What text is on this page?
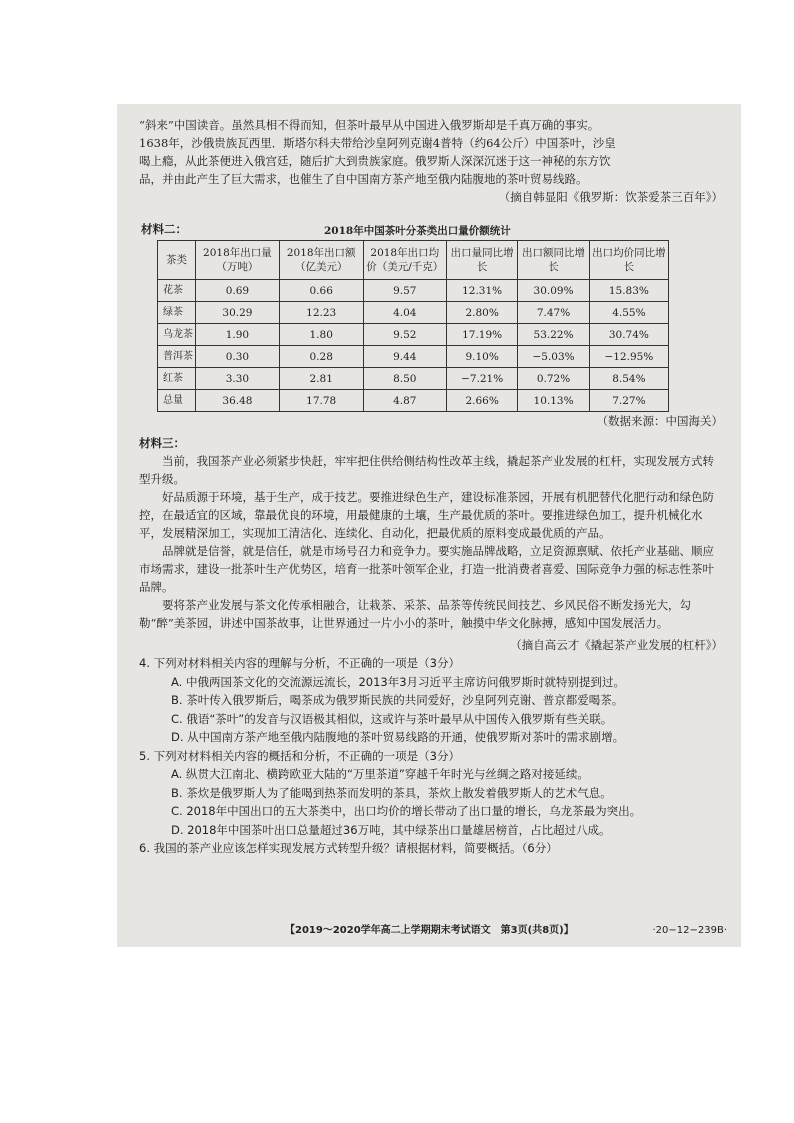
“斜来”中国读音。虽然具相不得而知，但茶叶最早从中国进入俄罗斯却是千真万确的事实。

1638年，沙俄贵族瓦西里．斯塔尔科夫带给沙皇阿列克谢4普特（约64公斤）中国茶叶，沙皇

喝上瘾，从此茶便进入俄宫廷，随后扩大到贵族家庭。俄罗斯人深深沉迷于这一神秘的东方饮

品，并由此产生了巨大需求，也催生了自中国南方茶产地至俄内陆腹地的茶叶贸易线路。

（摘自韩显阳《俄罗斯：饮茶爱茶三百年》）

材料二：	2018年中国茶叶分茶类出口量价额统计
茶类	2018年出口量（万吨）	2018年出口额（亿美元）	2018年出口均价（美元/千克）	出口量同比增长	出口额同比增长	出口均价同比增长
花茶	0.69	0.66	9.57	12.31%	30.09%	15.83%
绿茶	30.29	12.23	4.04	2.80%	7.47%	4.55%
乌龙茶	1.90	1.80	9.52	17.19%	53.22%	30.74%
普洱茶	0.30	0.28	9.44	9.10%	−5.03%	−12.95%
红茶	3.30	2.81	8.50	−7.21%	0.72%	8.54%
总量	36.48	17.78	4.87	2.66%	10.13%	7.27%

（数据来源：中国海关）

材料三：

当前，我国茶产业必须紧步快赶，牢牢把住供给侧结构性改革主线，撬起茶产业发展的杠杆，实现发展方式转型升级。

好品质源于环境，基于生产，成于技艺。要推进绿色生产，建设标准茶园，开展有机肥替代化肥行动和绿色防控，在最适宜的区域，靠最优良的环境，用最健康的土壤，生产最优质的茶叶。要推进绿色加工，提升机械化水平，发展精深加工，实现加工清洁化、连续化、自动化，把最优质的原料变成最优质的产品。

品牌就是信誉，就是信任，就是市场号召力和竞争力。要实施品牌战略，立足资源禀赋、依托产业基础、顺应市场需求，建设一批茶叶生产优势区，培育一批茶叶领军企业，打造一批消费者喜爱、国际竞争力强的标志性茶叶品牌。

要将茶产业发展与茶文化传承相融合，让栽茶、采茶、品茶等传统民间技艺、乡风民俗不断发扬光大，勾勒“醉”美茶园，讲述中国茶故事，让世界通过一片小小的茶叶，触摸中华文化脉搏，感知中国发展活力。

（摘自高云才《撬起茶产业发展的杠杆》）

4. 下列对材料相关内容的理解与分析，不正确的一项是（3分）

A. 中俄两国茶文化的交流源远流长，2013年3月习近平主席访问俄罗斯时就特别提到过。

B. 茶叶传入俄罗斯后，喝茶成为俄罗斯民族的共同爱好，沙皇阿列克谢、普京都爱喝茶。

C. 俄语“茶叶”的发音与汉语极其相似，这或许与茶叶最早从中国传入俄罗斯有些关联。

D. 从中国南方茶产地至俄内陆腹地的茶叶贸易线路的开通，使俄罗斯对茶叶的需求剧增。

5. 下列对材料相关内容的概括和分析，不正确的一项是（3分）

A. 纵贯大江南北、横跨欧亚大陆的“万里茶道”穿越千年时光与丝绸之路对接延续。

B. 茶炊是俄罗斯人为了能喝到热茶而发明的茶具，茶炊上散发着俄罗斯人的艺术气息。

C. 2018年中国出口的五大茶类中，出口均价的增长带动了出口量的增长，乌龙茶最为突出。

D. 2018年中国茶叶出口总量超过36万吨，其中绿茶出口量雄居榜首，占比超过八成。

6. 我国的茶产业应该怎样实现发展方式转型升级？请根据材料，简要概括。（6分）

【2019～2020学年高二上学期期末考试语文　第3页(共8页)】	·20−12−239B·
